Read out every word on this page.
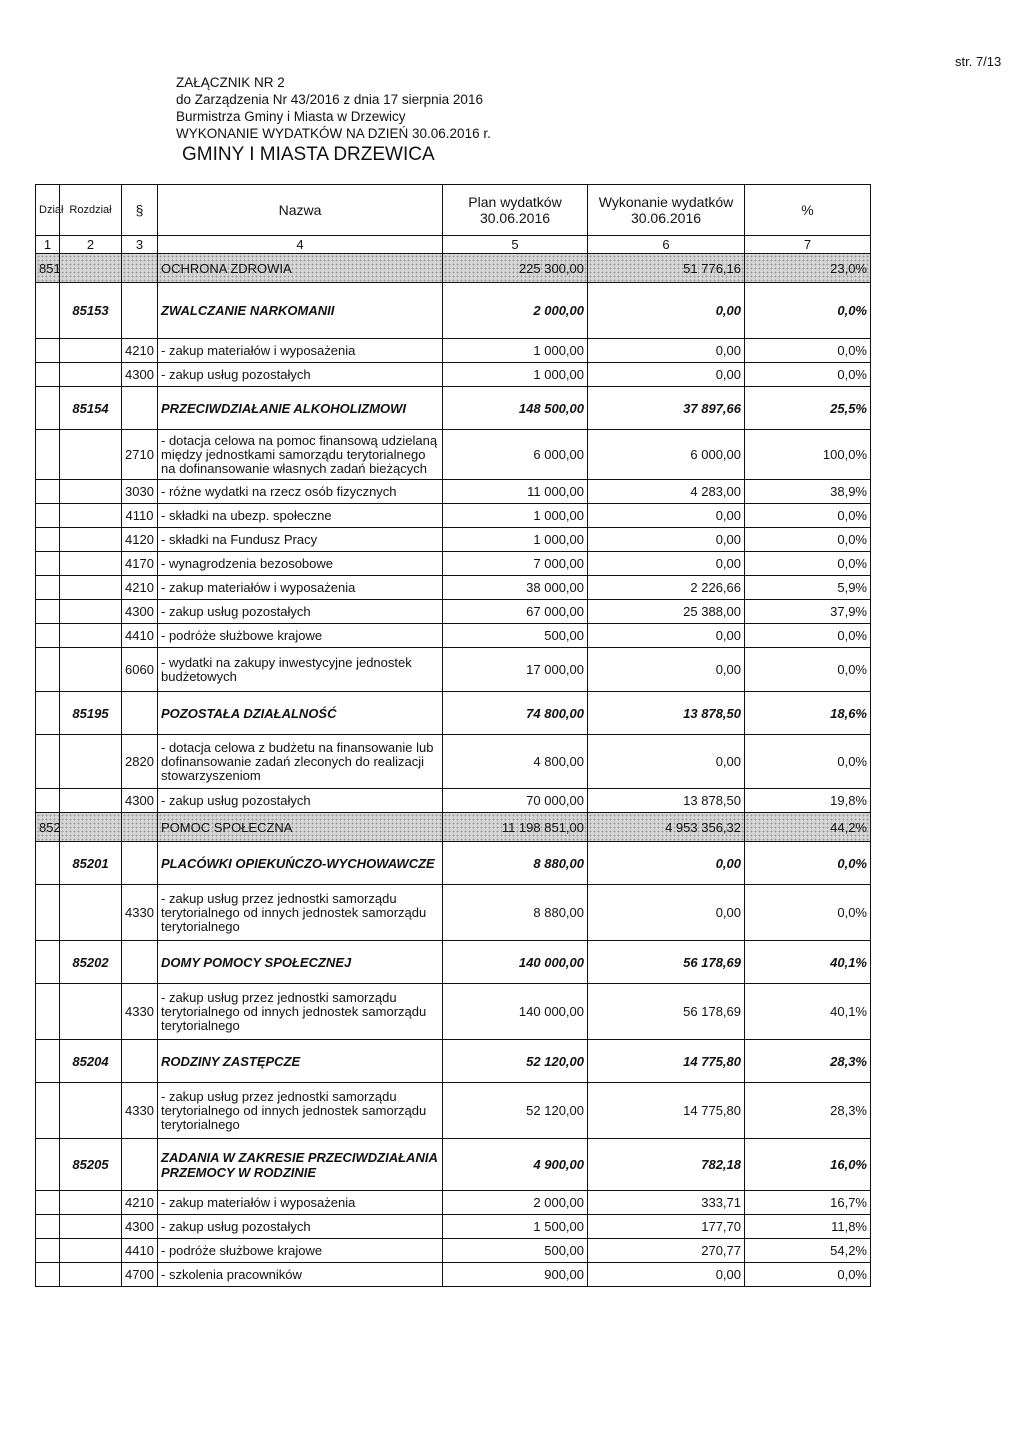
ZAŁĄCZNIK NR 2
do Zarządzenia Nr 43/2016 z dnia 17 sierpnia 2016
Burmistrza Gminy i Miasta w Drzewicy
WYKONANIE WYDATKÓW NA DZIEŃ 30.06.2016 r.
GMINY I MIASTA DRZEWICA
str. 7/13
Dział	Rozdział	§	Nazwa	Plan wydatków 30.06.2016	Wykonanie wydatków 30.06.2016	%
1	2	3	4	5	6	7
851			OCHRONA ZDROWIA	225 300,00	51 776,16	23,0%
	85153		ZWALCZANIE NARKOMANII	2 000,00	0,00	0,0%
		4210	- zakup materiałów i wyposażenia	1 000,00	0,00	0,0%
		4300	- zakup usług pozostałych	1 000,00	0,00	0,0%
	85154		PRZECIWDZIAŁANIE ALKOHOLIZMOWI	148 500,00	37 897,66	25,5%
		2710	- dotacja celowa na pomoc finansową udzielaną między jednostkami samorządu terytorialnego na dofinansowanie własnych zadań bieżących	6 000,00	6 000,00	100,0%
		3030	- różne wydatki na rzecz osób fizycznych	11 000,00	4 283,00	38,9%
		4110	- składki na ubezp. społeczne	1 000,00	0,00	0,0%
		4120	- składki na Fundusz Pracy	1 000,00	0,00	0,0%
		4170	- wynagrodzenia bezosobowe	7 000,00	0,00	0,0%
		4210	- zakup materiałów i wyposażenia	38 000,00	2 226,66	5,9%
		4300	- zakup usług pozostałych	67 000,00	25 388,00	37,9%
		4410	- podróże służbowe krajowe	500,00	0,00	0,0%
		6060	- wydatki na zakupy inwestycyjne jednostek budżetowych	17 000,00	0,00	0,0%
	85195		POZOSTAŁA DZIAŁALNOŚĆ	74 800,00	13 878,50	18,6%
		2820	- dotacja celowa z budżetu na finansowanie lub dofinansowanie zadań zleconych do realizacji stowarzyszeniom	4 800,00	0,00	0,0%
		4300	- zakup usług pozostałych	70 000,00	13 878,50	19,8%
852			POMOC SPOŁECZNA	11 198 851,00	4 953 356,32	44,2%
	85201		PLACÓWKI OPIEKUŃCZO-WYCHOWAWCZE	8 880,00	0,00	0,0%
		4330	- zakup usług przez jednostki samorządu terytorialnego od innych jednostek samorządu terytorialnego	8 880,00	0,00	0,0%
	85202		DOMY POMOCY SPOŁECZNEJ	140 000,00	56 178,69	40,1%
		4330	- zakup usług przez jednostki samorządu terytorialnego od innych jednostek samorządu terytorialnego	140 000,00	56 178,69	40,1%
	85204		RODZINY ZASTĘPCZE	52 120,00	14 775,80	28,3%
		4330	- zakup usług przez jednostki samorządu terytorialnego od innych jednostek samorządu terytorialnego	52 120,00	14 775,80	28,3%
	85205		ZADANIA W ZAKRESIE PRZECIWDZIAŁANIA PRZEMOCY W RODZINIE	4 900,00	782,18	16,0%
		4210	- zakup materiałów i wyposażenia	2 000,00	333,71	16,7%
		4300	- zakup usług pozostałych	1 500,00	177,70	11,8%
		4410	- podróże służbowe krajowe	500,00	270,77	54,2%
		4700	- szkolenia pracowników	900,00	0,00	0,0%
